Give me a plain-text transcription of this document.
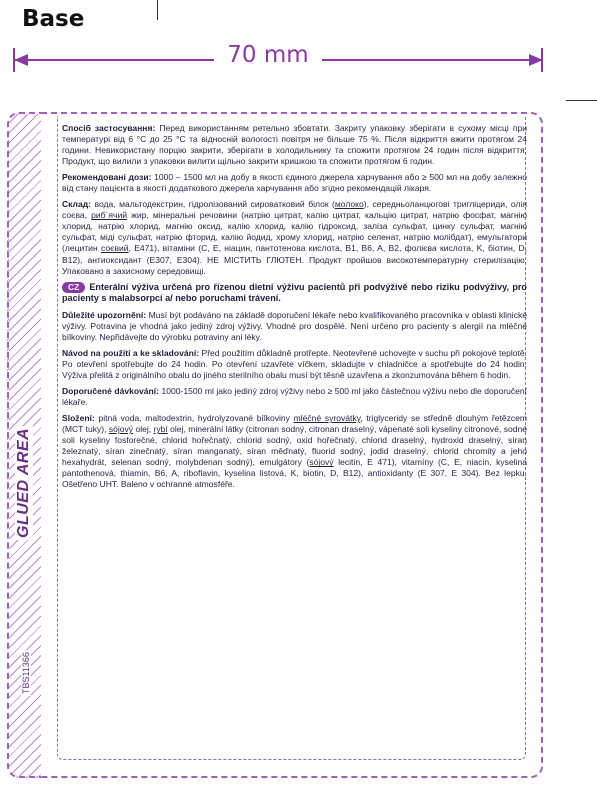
Base
70 mm
GLUED AREA
TBS11366

Спосіб застосування: Перед використанням ретельно збовтати. Закриту упаковку зберігати в сухому місці при температурі від 6 °C до 25 °C та відносній вологості повітря не більше 75 %. Після відкриття вжити протягом 24 години. Невикористану порцію закрити, зберігати в холодильнику та спожити протягом 24 годин після відкриття. Продукт, що вилили з упаковки вилити щільно закрити кришкою та спожити протягом 6 годин.

Рекомендовані дози: 1000 – 1500 мл на добу в якості єдиного джерела харчування або ≥ 500 мл на добу залежно від стану пацієнта в якості додаткового джерела харчування або згідно рекомендацій лікаря.

Склад: вода, мальтодекстрин, гідролізований сироватковий білок (молоко), середньоланцюгові тригліцериди, олія соєва, риб`ячий жир, мінеральні речовини (натрію цитрат, калію цитрат, кальцію цитрат, натрію фосфат, магнію хлорид, натрію хлорид, магнію оксид, калію хлорид, калію гідроксид, заліза сульфат, цинку сульфат, магнію сульфат, міді сульфат, натрію фторид, калію йодид, хрому хлорид, натрію селенат, натрію молібдат), емульгатори (лецитин соєвий, E471), вітаміни (C, E, ніацин, пантотенова кислота, B1, B6, A, B2, фолієва кислота, K, біотин, D, B12), антиоксидант (E307, E304). НЕ МІСТИТЬ ГЛЮТЕН. Продукт пройшов високотемпературну стерилізацію. Упаковано в захисному середовищі.

CZ Enterální výživa určená pro řízenou dietní výživu pacientů při podvýživě nebo riziku podvýživy, pro pacienty s malabsorpcí a/ nebo poruchami trávení.

Důležité upozornění: Musí být podáváno na základě doporučení lékaře nebo kvalifikovaného pracovníka v oblasti klinické výživy. Potravina je vhodná jako jediný zdroj výživy. Vhodné pro dospělé. Není určeno pro pacienty s alergií na mléčné bílkoviny. Nepřidávejte do výrobku potraviny ani léky.

Návod na použití a ke skladování: Před použitím důkladně protřepte. Neotevřené uchovejte v suchu při pokojové teplotě. Po otevření spotřebujte do 24 hodin. Po otevření uzavřete víčkem, skladujte v chladničce a spotřebujte do 24 hodin. Výživa přelitá z originálního obalu do jiného sterilního obalu musí být těsně uzavřena a zkonzumována během 6 hodin.

Doporučené dávkování: 1000-1500 ml jako jediný zdroj výživy nebo ≥ 500 ml jako částečnou výživu nebo dle doporučení lékaře.

Složení: pitná voda, maltodextrin, hydrolyzované bílkoviny mléčné syrovátky, triglyceridy se středně dlouhým řetězcem (MCT tuky), sójový olej, rybí olej, minerální látky (citronan sodný, citronan draselný, vápenaté soli kyseliny citronové, sodné soli kyseliny fosforečné, chlorid hořečnatý, chlorid sodný, oxid hořečnatý, chlorid draselný, hydroxid draselný, síran železnatý, síran zinečnatý, síran manganatý, síran měďnatý, fluorid sodný, jodid draselný, chlorid chromitý a jeho hexahydrát, selenan sodný, molybdenan sodný), emulgátory (sójový lecitin, E 471), vitamíny (C, E, niacin, kyselina pantothenová, thiamin, B6, A, riboflavin, kyselina listová, K, biotin, D, B12), antioxidanty (E 307, E 304). Bez lepku. Ošetřeno UHT. Baleno v ochranné atmosféře.
